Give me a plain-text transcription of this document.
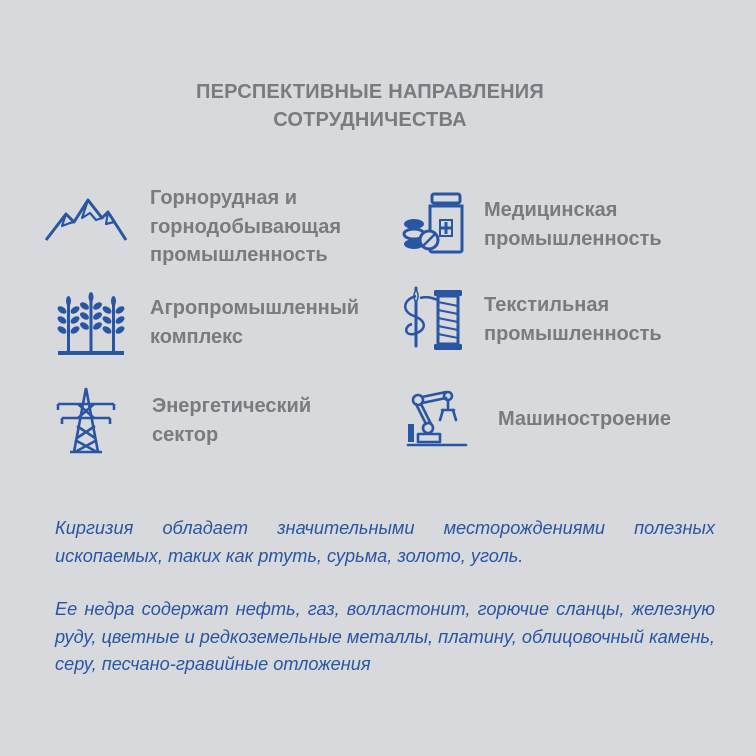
ПЕРСПЕКТИВНЫЕ НАПРАВЛЕНИЯ
СОТРУДНИЧЕСТВА
Горнорудная и
горнодобывающая
промышленность
Медицинская
промышленность
Агропромышленный
комплекс
Текстильная
промышленность
Энергетический
сектор
Машиностроение
Киргизия обладает значительными месторождениями полезных ископаемых, таких как ртуть, сурьма, золото, уголь.
Ее недра содержат нефть, газ, волластонит, горючие сланцы, железную руду, цветные и редкоземельные металлы, платину, облицовочный камень, серу, песчано-гравийные отложения
